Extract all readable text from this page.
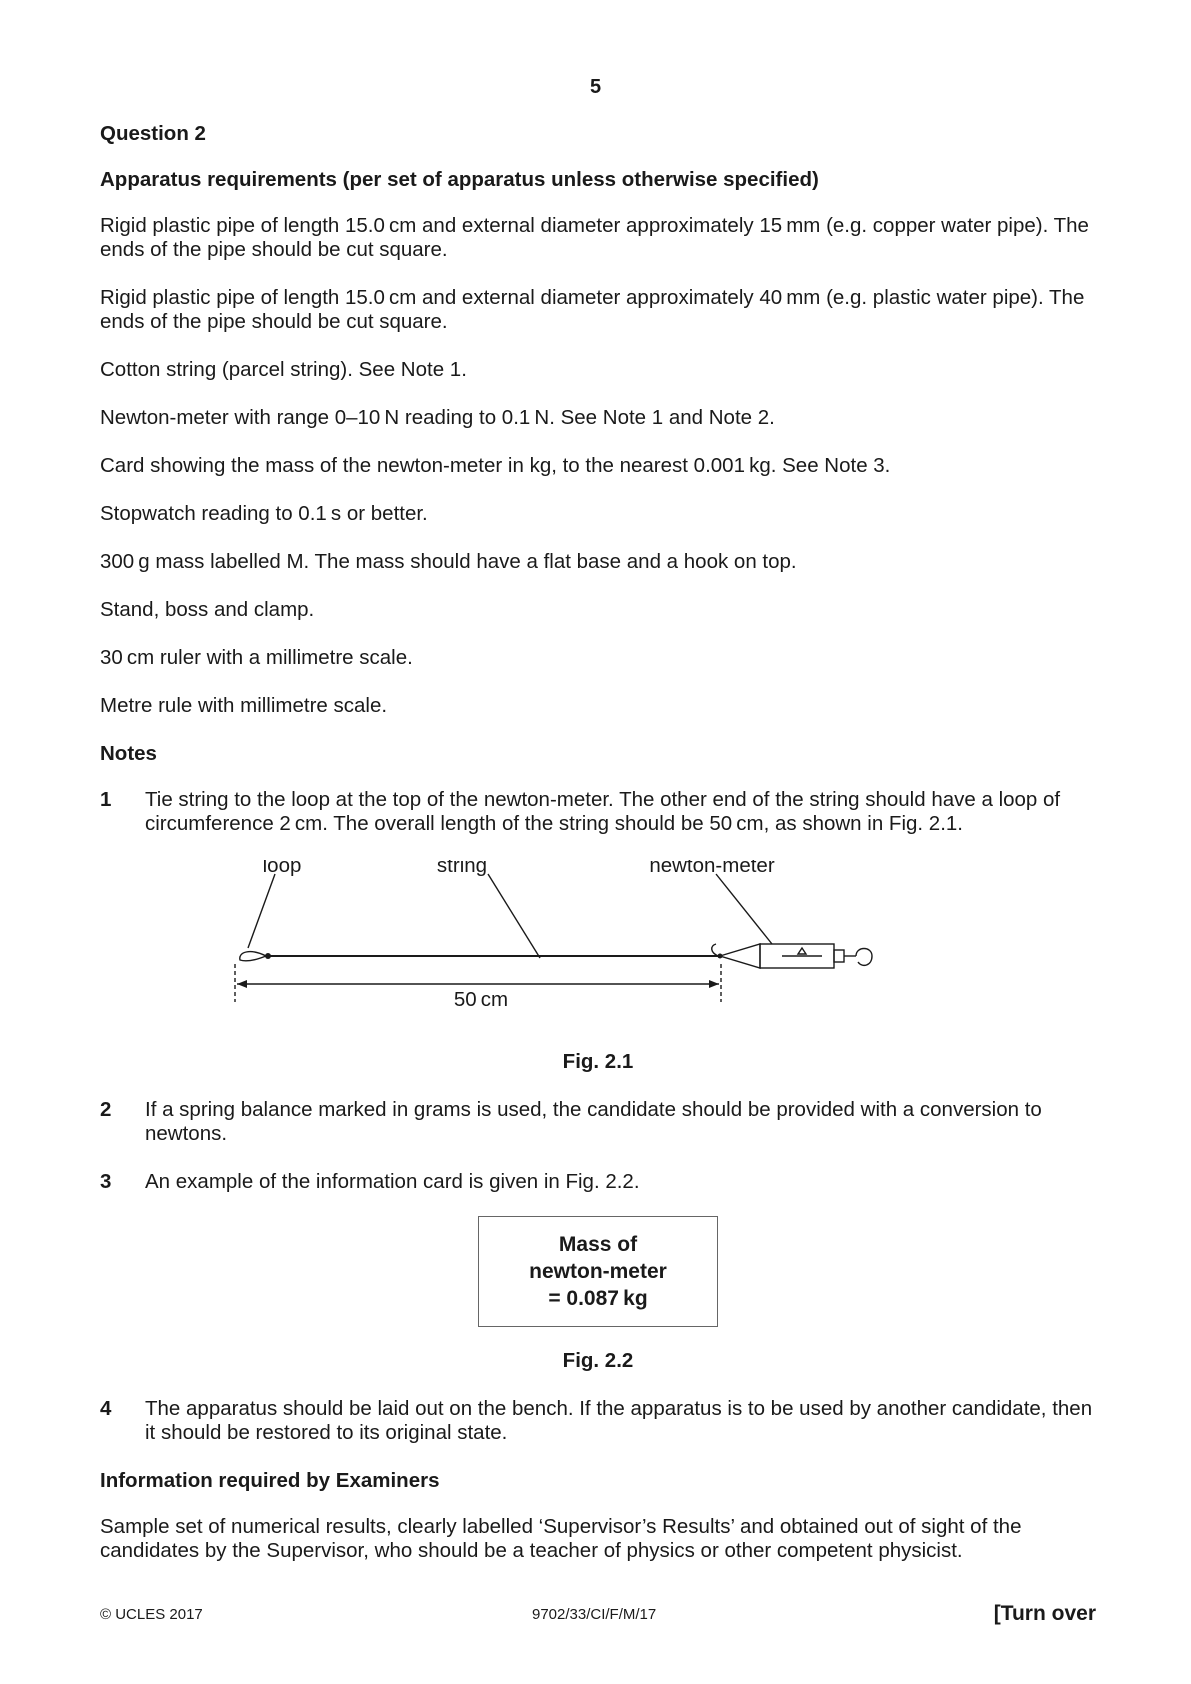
5
Question 2
Apparatus requirements (per set of apparatus unless otherwise specified)
Rigid plastic pipe of length 15.0 cm and external diameter approximately 15 mm (e.g. copper water pipe). The ends of the pipe should be cut square.
Rigid plastic pipe of length 15.0 cm and external diameter approximately 40 mm (e.g. plastic water pipe). The ends of the pipe should be cut square.
Cotton string (parcel string). See Note 1.
Newton-meter with range 0–10 N reading to 0.1 N. See Note 1 and Note 2.
Card showing the mass of the newton-meter in kg, to the nearest 0.001 kg. See Note 3.
Stopwatch reading to 0.1 s or better.
300 g mass labelled M. The mass should have a flat base and a hook on top.
Stand, boss and clamp.
30 cm ruler with a millimetre scale.
Metre rule with millimetre scale.
Notes
1 Tie string to the loop at the top of the newton-meter. The other end of the string should have a loop of circumference 2 cm. The overall length of the string should be 50 cm, as shown in Fig. 2.1.
loop	string	newton-meter
50 cm
Fig. 2.1
2 If a spring balance marked in grams is used, the candidate should be provided with a conversion to newtons.
3 An example of the information card is given in Fig. 2.2.
Mass of
newton-meter
= 0.087 kg
Fig. 2.2
4 The apparatus should be laid out on the bench. If the apparatus is to be used by another candidate, then it should be restored to its original state.
Information required by Examiners
Sample set of numerical results, clearly labelled ‘Supervisor’s Results’ and obtained out of sight of the candidates by the Supervisor, who should be a teacher of physics or other competent physicist.
© UCLES 2017	9702/33/CI/F/M/17	[Turn over
